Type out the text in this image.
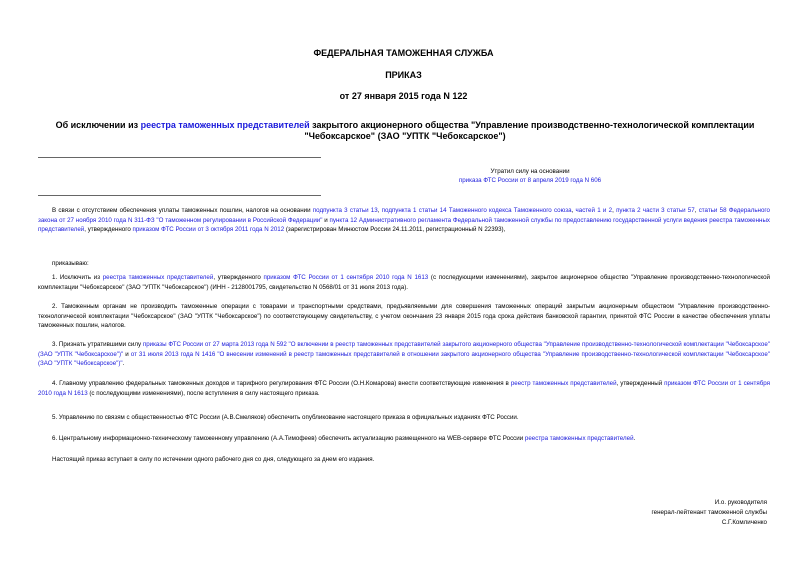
ФЕДЕРАЛЬНАЯ ТАМОЖЕННАЯ СЛУЖБА
ПРИКАЗ
от 27 января 2015 года N 122
Об исключении из реестра таможенных представителей закрытого акционерного общества "Управление производственно-технологической комплектации "Чебоксарское" (ЗАО "УПТК "Чебоксарское")
Утратил силу на основании
приказа ФТС России от 8 апреля 2019 года N 606

В связи с отсутствием обеспечения уплаты таможенных пошлин, налогов на основании подпункта 3 статьи 13, подпункта 1 статьи 14 Таможенного кодекса Таможенного союза, частей 1 и 2, пункта 2 части 3 статьи 57, статьи 58 Федерального закона от 27 ноября 2010 года N 311-ФЗ "О таможенном регулировании в Российской Федерации" и пункта 12 Административного регламента Федеральной таможенной службы по предоставлению государственной услуги ведения реестра таможенных представителей, утвержденного приказом ФТС России от 3 октября 2011 года N 2012 (зарегистрирован Минюстом России 24.11.2011, регистрационный N 22393),

приказываю:

1. Исключить из реестра таможенных представителей, утвержденного приказом ФТС России от 1 сентября 2010 года N 1613 (с последующими изменениями), закрытое акционерное общество "Управление производственно-технологической комплектации "Чебоксарское" (ЗАО "УПТК "Чебоксарское") (ИНН - 2128001795, свидетельство N 0568/01 от 31 июля 2013 года).

2. Таможенным органам не производить таможенные операции с товарами и транспортными средствами, предъявляемыми для совершения таможенных операций закрытым акционерным обществом "Управление производственно-технологической комплектации "Чебоксарское" (ЗАО "УПТК "Чебоксарское") по соответствующему свидетельству, с учетом окончания 23 января 2015 года срока действия банковской гарантии, принятой ФТС России в качестве обеспечения уплаты таможенных пошлин, налогов.

3. Признать утратившими силу приказы ФТС России от 27 марта 2013 года N 592 "О включении в реестр таможенных представителей закрытого акционерного общества "Управление производственно-технологической комплектации "Чебоксарское" (ЗАО "УПТК "Чебоксарское")" и от 31 июля 2013 года N 1416 "О внесении изменений в реестр таможенных представителей в отношении закрытого акционерного общества "Управление производственно-технологической комплектации "Чебоксарское" (ЗАО "УПТК "Чебоксарское")".

4. Главному управлению федеральных таможенных доходов и тарифного регулирования ФТС России (О.Н.Комарова) внести соответствующие изменения в реестр таможенных представителей, утвержденный приказом ФТС России от 1 сентября 2010 года N 1613 (с последующими изменениями), после вступления в силу настоящего приказа.

5. Управлению по связям с общественностью ФТС России (А.В.Смеляков) обеспечить опубликование настоящего приказа в официальных изданиях ФТС России.

6. Центральному информационно-техническому таможенному управлению (А.А.Тимофеев) обеспечить актуализацию размещенного на WEB-сервере ФТС России реестра таможенных представителей.

Настоящий приказ вступает в силу по истечении одного рабочего дня со дня, следующего за днем его издания.

И.о. руководителя
генерал-лейтенант таможенной службы
С.Г.Комличенко
